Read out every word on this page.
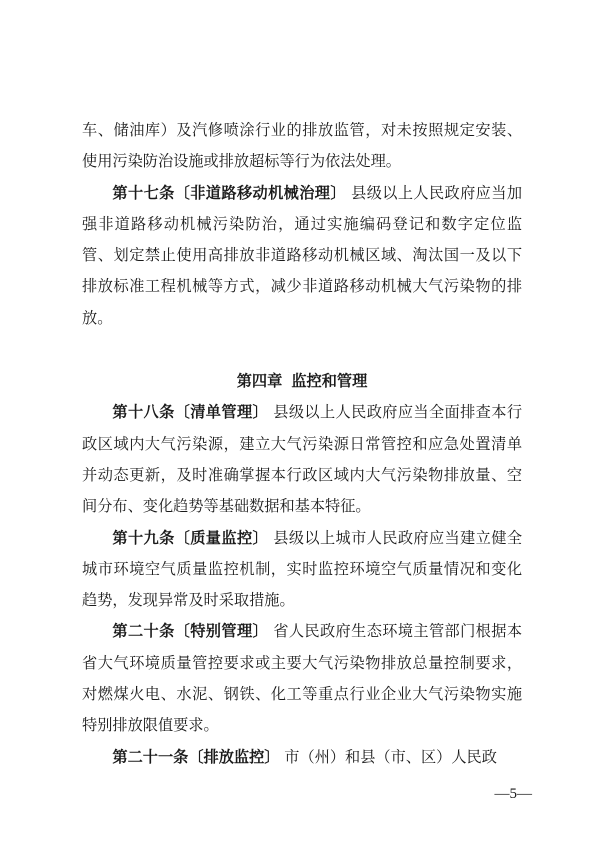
车、储油库）及汽修喷涂行业的排放监管，对未按照规定安装、使用污染防治设施或排放超标等行为依法处理。

第十七条〔非道路移动机械治理〕 县级以上人民政府应当加强非道路移动机械污染防治，通过实施编码登记和数字定位监管、划定禁止使用高排放非道路移动机械区域、淘汰国一及以下排放标准工程机械等方式，减少非道路移动机械大气污染物的排放。

第四章 监控和管理

第十八条〔清单管理〕 县级以上人民政府应当全面排查本行政区域内大气污染源，建立大气污染源日常管控和应急处置清单并动态更新，及时准确掌握本行政区域内大气污染物排放量、空间分布、变化趋势等基础数据和基本特征。

第十九条〔质量监控〕 县级以上城市人民政府应当建立健全城市环境空气质量监控机制，实时监控环境空气质量情况和变化趋势，发现异常及时采取措施。

第二十条〔特别管理〕 省人民政府生态环境主管部门根据本省大气环境质量管控要求或主要大气污染物排放总量控制要求，对燃煤火电、水泥、钢铁、化工等重点行业企业大气污染物实施特别排放限值要求。

第二十一条〔排放监控〕 市（州）和县（市、区）人民政

—5—
